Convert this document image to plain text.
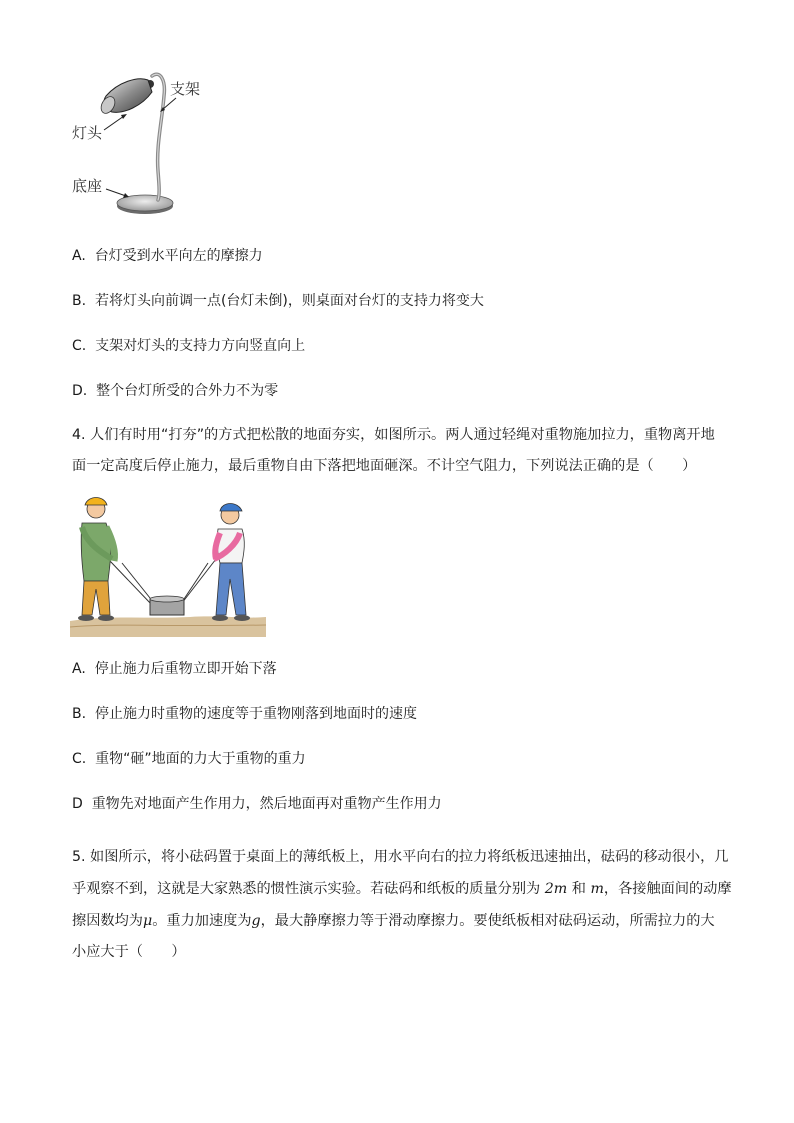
支架
灯头
底座
A. 台灯受到水平向左的摩擦力
B. 若将灯头向前调一点(台灯未倒)，则桌面对台灯的支持力将变大
C. 支架对灯头的支持力方向竖直向上
D. 整个台灯所受的合外力不为零
4. 人们有时用“打夯”的方式把松散的地面夯实，如图所示。两人通过轻绳对重物施加拉力，重物离开地
面一定高度后停止施力，最后重物自由下落把地面砸深。不计空气阻力，下列说法正确的是（　　）
A. 停止施力后重物立即开始下落
B. 停止施力时重物的速度等于重物刚落到地面时的速度
C. 重物“砸”地面的力大于重物的重力
D 重物先对地面产生作用力，然后地面再对重物产生作用力
5. 如图所示，将小砝码置于桌面上的薄纸板上，用水平向右的拉力将纸板迅速抽出，砝码的移动很小，几
乎观察不到，这就是大家熟悉的惯性演示实验。若砝码和纸板的质量分别为 2m 和 m，各接触面间的动摩
擦因数均为μ。重力加速度为g，最大静摩擦力等于滑动摩擦力。要使纸板相对砝码运动，所需拉力的大
小应大于（　　）
